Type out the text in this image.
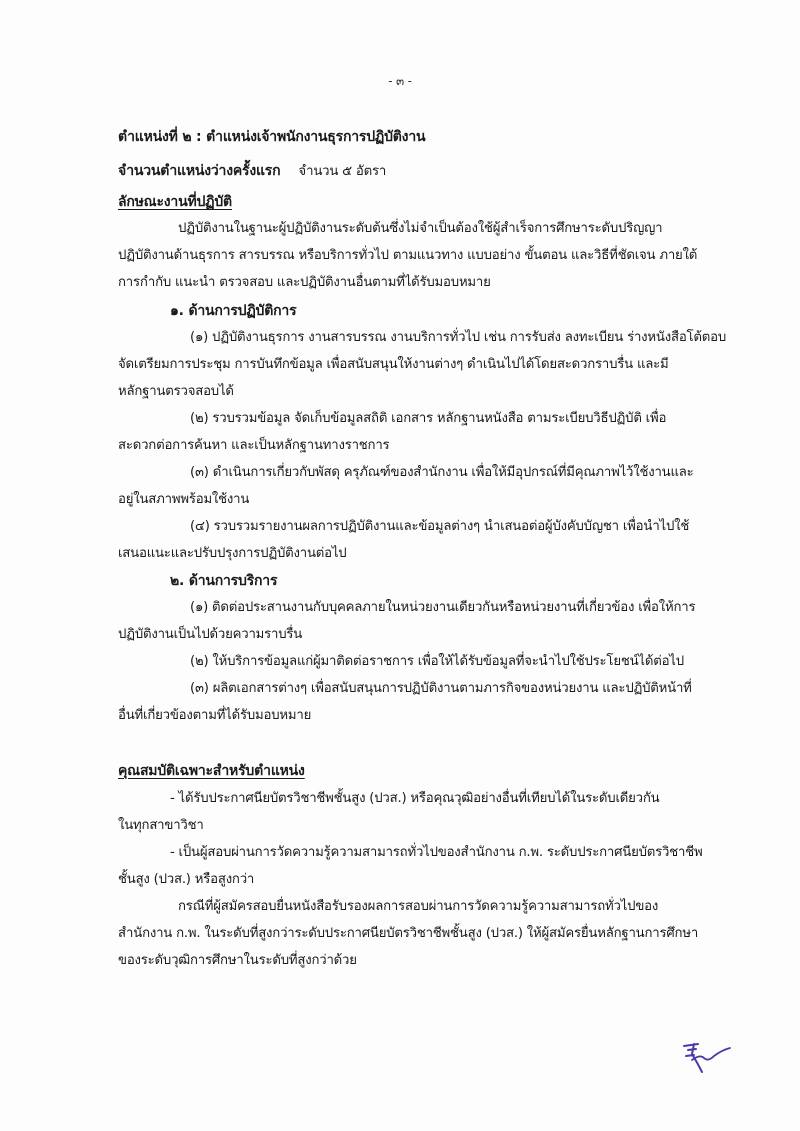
- ๓ -
ตำแหน่งที่ ๒ : ตำแหน่งเจ้าพนักงานธุรการปฏิบัติงาน
จำนวนตำแหน่งว่างครั้งแรก จำนวน ๕ อัตรา
ลักษณะงานที่ปฏิบัติ
ปฏิบัติงานในฐานะผู้ปฏิบัติงานระดับต้นซึ่งไม่จำเป็นต้องใช้ผู้สำเร็จการศึกษาระดับปริญญา
ปฏิบัติงานด้านธุรการ สารบรรณ หรือบริการทั่วไป ตามแนวทาง แบบอย่าง ขั้นตอน และวิธีที่ชัดเจน ภายใต้
การกำกับ แนะนำ ตรวจสอบ และปฏิบัติงานอื่นตามที่ได้รับมอบหมาย
๑. ด้านการปฏิบัติการ
(๑) ปฏิบัติงานธุรการ งานสารบรรณ งานบริการทั่วไป เช่น การรับส่ง ลงทะเบียน ร่างหนังสือโต้ตอบ
จัดเตรียมการประชุม การบันทึกข้อมูล เพื่อสนับสนุนให้งานต่างๆ ดำเนินไปได้โดยสะดวกราบรื่น และมี
หลักฐานตรวจสอบได้
(๒) รวบรวมข้อมูล จัดเก็บข้อมูลสถิติ เอกสาร หลักฐานหนังสือ ตามระเบียบวิธีปฏิบัติ เพื่อ
สะดวกต่อการค้นหา และเป็นหลักฐานทางราชการ
(๓) ดำเนินการเกี่ยวกับพัสดุ ครุภัณฑ์ของสำนักงาน เพื่อให้มีอุปกรณ์ที่มีคุณภาพไว้ใช้งานและ
อยู่ในสภาพพร้อมใช้งาน
(๔) รวบรวมรายงานผลการปฏิบัติงานและข้อมูลต่างๆ นำเสนอต่อผู้บังคับบัญชา เพื่อนำไปใช้
เสนอแนะและปรับปรุงการปฏิบัติงานต่อไป
๒. ด้านการบริการ
(๑) ติดต่อประสานงานกับบุคคลภายในหน่วยงานเดียวกันหรือหน่วยงานที่เกี่ยวข้อง เพื่อให้การ
ปฏิบัติงานเป็นไปด้วยความราบรื่น
(๒) ให้บริการข้อมูลแก่ผู้มาติดต่อราชการ เพื่อให้ได้รับข้อมูลที่จะนำไปใช้ประโยชน์ได้ต่อไป
(๓) ผลิตเอกสารต่างๆ เพื่อสนับสนุนการปฏิบัติงานตามภารกิจของหน่วยงาน และปฏิบัติหน้าที่
อื่นที่เกี่ยวข้องตามที่ได้รับมอบหมาย
คุณสมบัติเฉพาะสำหรับตำแหน่ง
- ได้รับประกาศนียบัตรวิชาชีพชั้นสูง (ปวส.) หรือคุณวุฒิอย่างอื่นที่เทียบได้ในระดับเดียวกัน
ในทุกสาขาวิชา
- เป็นผู้สอบผ่านการวัดความรู้ความสามารถทั่วไปของสำนักงาน ก.พ. ระดับประกาศนียบัตรวิชาชีพ
ชั้นสูง (ปวส.) หรือสูงกว่า
กรณีที่ผู้สมัครสอบยื่นหนังสือรับรองผลการสอบผ่านการวัดความรู้ความสามารถทั่วไปของ
สำนักงาน ก.พ. ในระดับที่สูงกว่าระดับประกาศนียบัตรวิชาชีพชั้นสูง (ปวส.) ให้ผู้สมัครยื่นหลักฐานการศึกษา
ของระดับวุฒิการศึกษาในระดับที่สูงกว่าด้วย
